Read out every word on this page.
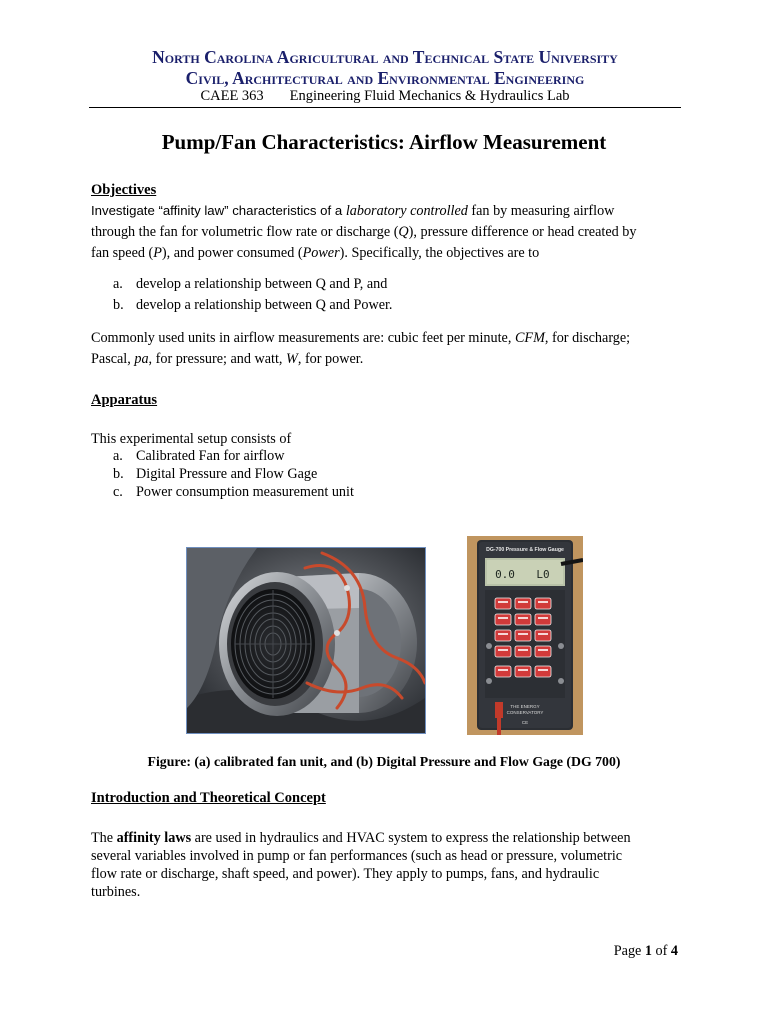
North Carolina Agricultural and Technical State University
Civil, Architectural and Environmental Engineering
CAEE 363 Engineering Fluid Mechanics & Hydraulics Lab
Pump/Fan Characteristics: Airflow Measurement
Objectives
Investigate “affinity law” characteristics of a laboratory controlled fan by measuring airflow
through the fan for volumetric flow rate or discharge (Q), pressure difference or head created by
fan speed (P), and power consumed (Power). Specifically, the objectives are to
a. develop a relationship between Q and P, and
b. develop a relationship between Q and Power.
Commonly used units in airflow measurements are: cubic feet per minute, CFM, for discharge;
Pascal, pa, for pressure; and watt, W, for power.
Apparatus
This experimental setup consists of
a. Calibrated Fan for airflow
b. Digital Pressure and Flow Gage
c. Power consumption measurement unit
DG-700 Pressure & Flow Gauge
0.0 L0
THE ENERGY
CONSERVATORY
CE
Figure: (a) calibrated fan unit, and (b) Digital Pressure and Flow Gage (DG 700)
Introduction and Theoretical Concept
The affinity laws are used in hydraulics and HVAC system to express the relationship between
several variables involved in pump or fan performances (such as head or pressure, volumetric
flow rate or discharge, shaft speed, and power). They apply to pumps, fans, and hydraulic
turbines.
Page 1 of 4
